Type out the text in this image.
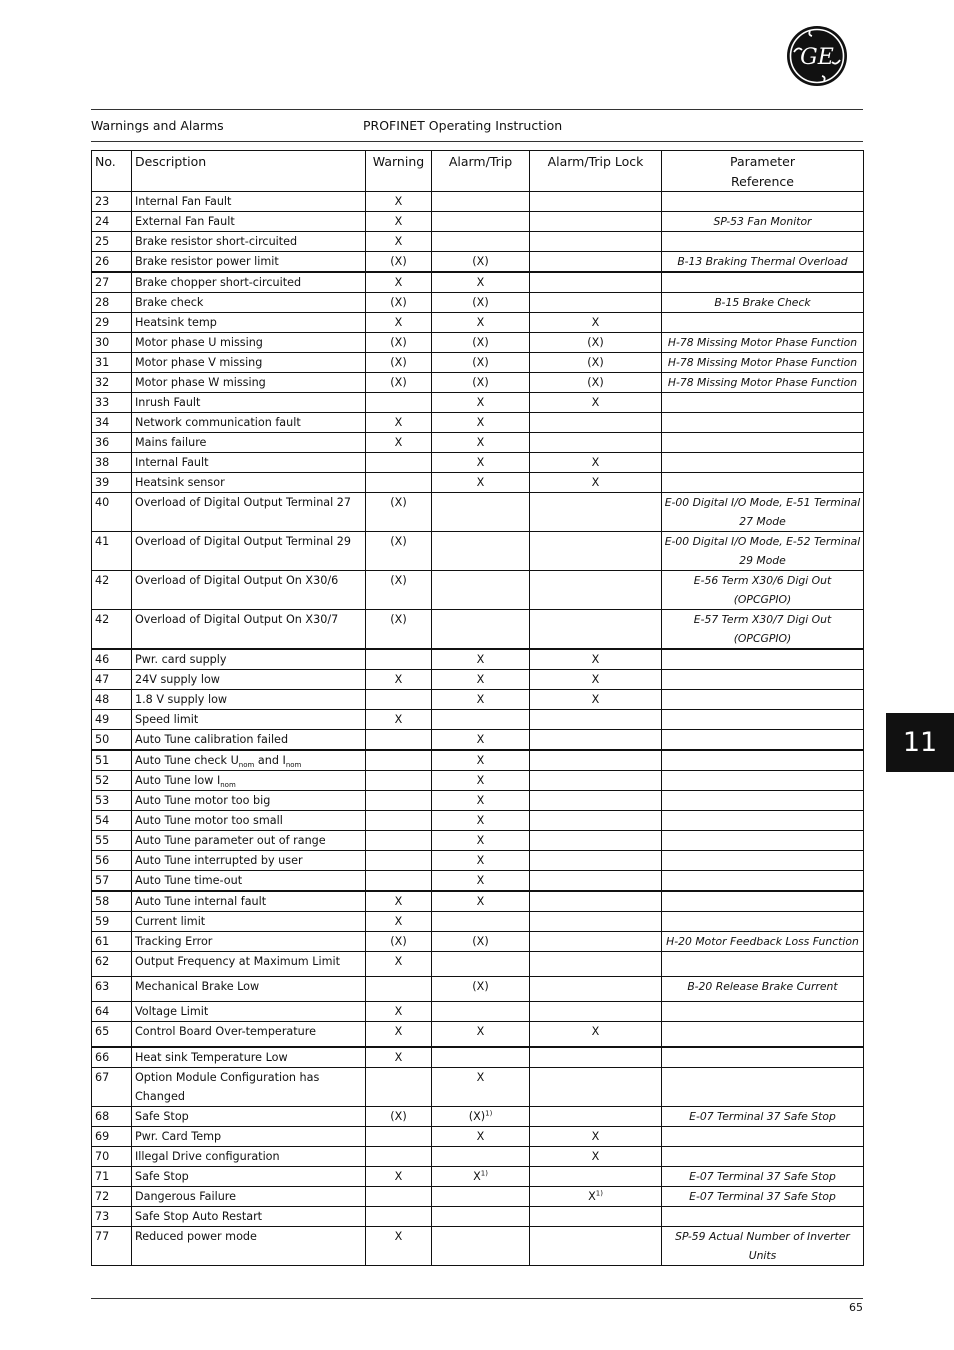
GE
Warnings and Alarms	PROFINET Operating Instruction
No.	Description	Warning	Alarm/Trip	Alarm/Trip Lock	Parameter
Reference
23	Internal Fan Fault	X			
24	External Fan Fault	X			SP-53 Fan Monitor
25	Brake resistor short-circuited	X			
26	Brake resistor power limit	(X)	(X)		B-13 Braking Thermal Overload
27	Brake chopper short-circuited	X	X		
28	Brake check	(X)	(X)		B-15 Brake Check
29	Heatsink temp	X	X	X	
30	Motor phase U missing	(X)	(X)	(X)	H-78 Missing Motor Phase Function
31	Motor phase V missing	(X)	(X)	(X)	H-78 Missing Motor Phase Function
32	Motor phase W missing	(X)	(X)	(X)	H-78 Missing Motor Phase Function
33	Inrush Fault		X	X	
34	Network communication fault	X	X		
36	Mains failure	X	X		
38	Internal Fault		X	X	
39	Heatsink sensor		X	X	
40	Overload of Digital Output Terminal 27	(X)			E-00 Digital I/O Mode, E-51 Terminal 27 Mode
41	Overload of Digital Output Terminal 29	(X)			E-00 Digital I/O Mode, E-52 Terminal 29 Mode
42	Overload of Digital Output On X30/6	(X)			E-56 Term X30/6 Digi Out (OPCGPIO)
42	Overload of Digital Output On X30/7	(X)			E-57 Term X30/7 Digi Out (OPCGPIO)
46	Pwr. card supply		X	X	
47	24V supply low	X	X	X	
48	1.8 V supply low		X	X	
49	Speed limit	X			
50	Auto Tune calibration failed		X		
51	Auto Tune check $U_{nom}$ and $I_{nom}$		X		
52	Auto Tune low $I_{nom}$		X		
53	Auto Tune motor too big		X		
54	Auto Tune motor too small		X		
55	Auto Tune parameter out of range		X		
56	Auto Tune interrupted by user		X		
57	Auto Tune time-out		X		
58	Auto Tune internal fault	X	X		
59	Current limit	X			
61	Tracking Error	(X)	(X)		H-20 Motor Feedback Loss Function
62	Output Frequency at Maximum Limit	X			
63	Mechanical Brake Low		(X)		B-20 Release Brake Current
64	Voltage Limit	X			
65	Control Board Over-temperature	X	X	X	
66	Heat sink Temperature Low	X			
67	Option Module Configuration has Changed		X		
68	Safe Stop	(X)	$(X)^{1)}$		E-07 Terminal 37 Safe Stop
69	Pwr. Card Temp		X	X	
70	Illegal Drive configuration			X	
71	Safe Stop	X	$X^{1)}$		E-07 Terminal 37 Safe Stop
72	Dangerous Failure			$X^{1)}$	E-07 Terminal 37 Safe Stop
73	Safe Stop Auto Restart				
77	Reduced power mode	X			SP-59 Actual Number of Inverter Units
11
65
